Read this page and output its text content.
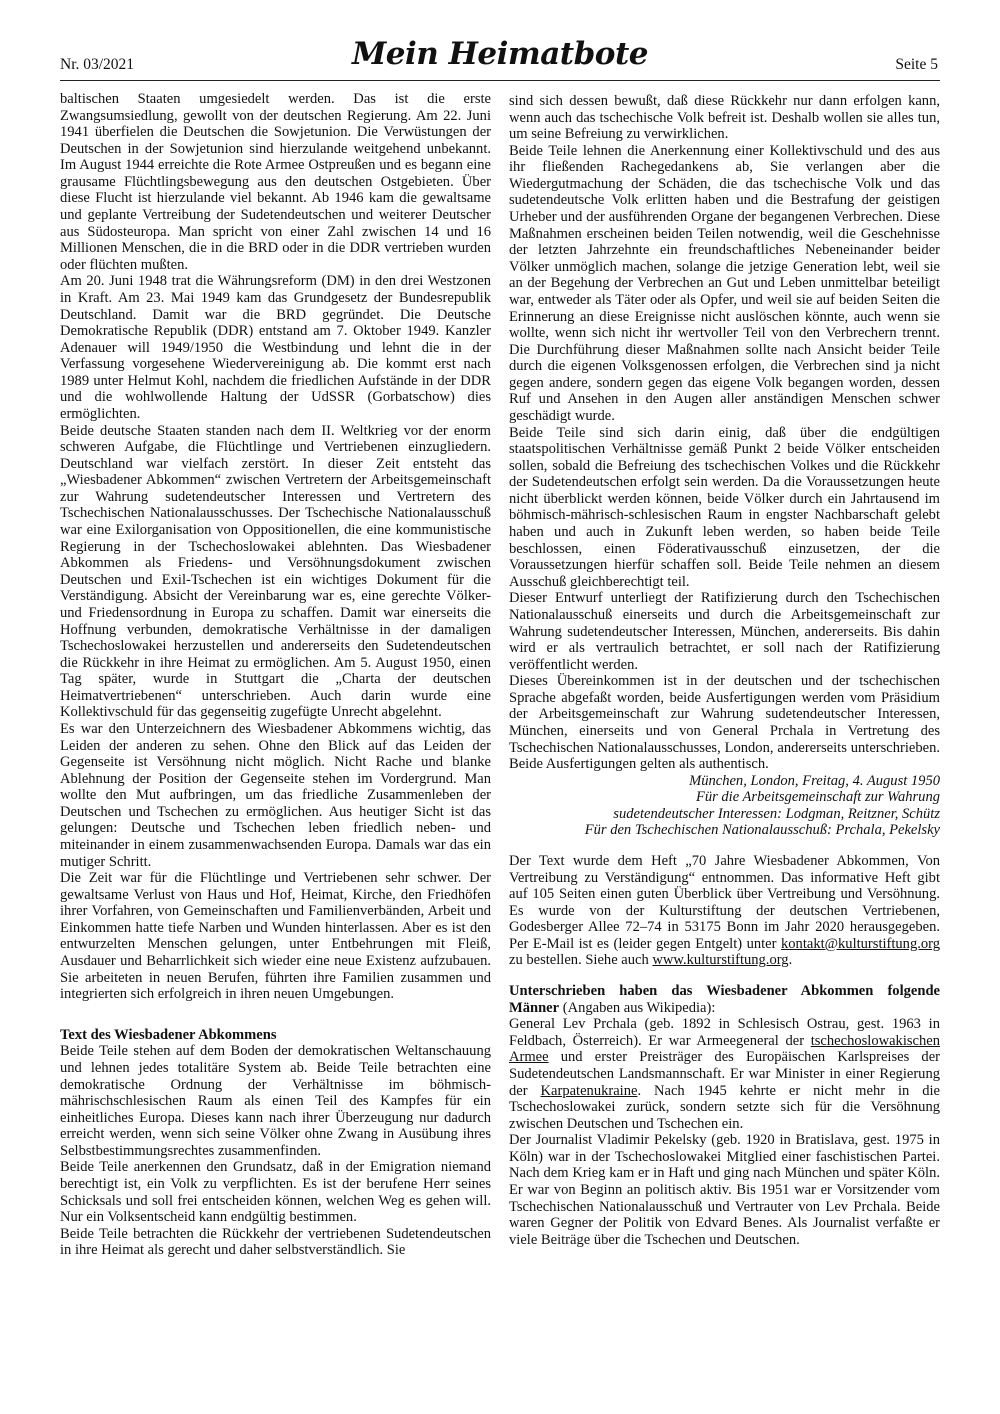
Nr. 03/2021	Mein Heimatbote	Seite 5

baltischen Staaten umgesiedelt werden. Das ist die erste Zwangsumsiedlung, gewollt von der deutschen Regierung. Am 22. Juni 1941 überfielen die Deutschen die Sowjetunion. Die Verwüstungen der Deutschen in der Sowjetunion sind hierzulande weitgehend unbekannt. Im August 1944 erreichte die Rote Armee Ostpreußen und es begann eine grausame Flüchtlingsbewegung aus den deutschen Ostgebieten. Über diese Flucht ist hierzulande viel bekannt. Ab 1946 kam die gewaltsame und geplante Vertreibung der Sudetendeutschen und weiterer Deutscher aus Südosteuropa. Man spricht von einer Zahl zwischen 14 und 16 Millionen Menschen, die in die BRD oder in die DDR vertrieben wurden oder flüchten mußten.

Am 20. Juni 1948 trat die Währungsreform (DM) in den drei Westzonen in Kraft. Am 23. Mai 1949 kam das Grundgesetz der Bundesrepublik Deutschland. Damit war die BRD gegründet. Die Deutsche Demokratische Republik (DDR) entstand am 7. Oktober 1949. Kanzler Adenauer will 1949/1950 die Westbindung und lehnt die in der Verfassung vorgesehene Wiedervereinigung ab. Die kommt erst nach 1989 unter Helmut Kohl, nachdem die friedlichen Aufstände in der DDR und die wohlwollende Haltung der UdSSR (Gorbatschow) dies ermöglichten.

Beide deutsche Staaten standen nach dem II. Weltkrieg vor der enorm schweren Aufgabe, die Flüchtlinge und Vertriebenen einzugliedern. Deutschland war vielfach zerstört. In dieser Zeit entsteht das „Wiesbadener Abkommen“ zwischen Vertretern der Arbeitsgemeinschaft zur Wahrung sudetendeutscher Interessen und Vertretern des Tschechischen Nationalausschusses. Der Tschechische Nationalausschuß war eine Exilorganisation von Oppositionellen, die eine kommunistische Regierung in der Tschechoslowakei ablehnten. Das Wiesbadener Abkommen als Friedens- und Versöhnungsdokument zwischen Deutschen und Exil-Tschechen ist ein wichtiges Dokument für die Verständigung. Absicht der Vereinbarung war es, eine gerechte Völker- und Friedensordnung in Europa zu schaffen. Damit war einerseits die Hoffnung verbunden, demokratische Verhältnisse in der damaligen Tschechoslowakei herzustellen und andererseits den Sudetendeutschen die Rückkehr in ihre Heimat zu ermöglichen. Am 5. August 1950, einen Tag später, wurde in Stuttgart die „Charta der deutschen Heimatvertriebenen“ unterschrieben. Auch darin wurde eine Kollektivschuld für das gegenseitig zugefügte Unrecht abgelehnt.

Es war den Unterzeichnern des Wiesbadener Abkommens wichtig, das Leiden der anderen zu sehen. Ohne den Blick auf das Leiden der Gegenseite ist Versöhnung nicht möglich. Nicht Rache und blanke Ablehnung der Position der Gegenseite stehen im Vordergrund. Man wollte den Mut aufbringen, um das friedliche Zusammenleben der Deutschen und Tschechen zu ermöglichen. Aus heutiger Sicht ist das gelungen: Deutsche und Tschechen leben friedlich neben- und miteinander in einem zusammenwachsenden Europa. Damals war das ein mutiger Schritt.

Die Zeit war für die Flüchtlinge und Vertriebenen sehr schwer. Der gewaltsame Verlust von Haus und Hof, Heimat, Kirche, den Friedhöfen ihrer Vorfahren, von Gemeinschaften und Familienverbänden, Arbeit und Einkommen hatte tiefe Narben und Wunden hinterlassen. Aber es ist den entwurzelten Menschen gelungen, unter Entbehrungen mit Fleiß, Ausdauer und Beharrlichkeit sich wieder eine neue Existenz aufzubauen. Sie arbeiteten in neuen Berufen, führten ihre Familien zusammen und integrierten sich erfolgreich in ihren neuen Umgebungen.

Text des Wiesbadener Abkommens

Beide Teile stehen auf dem Boden der demokratischen Weltanschauung und lehnen jedes totalitäre System ab. Beide Teile betrachten eine demokratische Ordnung der Verhältnisse im böhmisch-mährischschlesischen Raum als einen Teil des Kampfes für ein einheitliches Europa. Dieses kann nach ihrer Überzeugung nur dadurch erreicht werden, wenn sich seine Völker ohne Zwang in Ausübung ihres Selbstbestimmungsrechtes zusammenfinden.

Beide Teile anerkennen den Grundsatz, daß in der Emigration niemand berechtigt ist, ein Volk zu verpflichten. Es ist der berufene Herr seines Schicksals und soll frei entscheiden können, welchen Weg es gehen will. Nur ein Volksentscheid kann endgültig bestimmen.

Beide Teile betrachten die Rückkehr der vertriebenen Sudetendeutschen in ihre Heimat als gerecht und daher selbstverständlich. Sie

sind sich dessen bewußt, daß diese Rückkehr nur dann erfolgen kann, wenn auch das tschechische Volk befreit ist. Deshalb wollen sie alles tun, um seine Befreiung zu verwirklichen.

Beide Teile lehnen die Anerkennung einer Kollektivschuld und des aus ihr fließenden Rachegedankens ab, Sie verlangen aber die Wiedergutmachung der Schäden, die das tschechische Volk und das sudetendeutsche Volk erlitten haben und die Bestrafung der geistigen Urheber und der ausführenden Organe der begangenen Verbrechen. Diese Maßnahmen erscheinen beiden Teilen notwendig, weil die Geschehnisse der letzten Jahrzehnte ein freundschaftliches Nebeneinander beider Völker unmöglich machen, solange die jetzige Generation lebt, weil sie an der Begehung der Verbrechen an Gut und Leben unmittelbar beteiligt war, entweder als Täter oder als Opfer, und weil sie auf beiden Seiten die Erinnerung an diese Ereignisse nicht auslöschen könnte, auch wenn sie wollte, wenn sich nicht ihr wertvoller Teil von den Verbrechern trennt. Die Durchführung dieser Maßnahmen sollte nach Ansicht beider Teile durch die eigenen Volksgenossen erfolgen, die Verbrechen sind ja nicht gegen andere, sondern gegen das eigene Volk begangen worden, dessen Ruf und Ansehen in den Augen aller anständigen Menschen schwer geschädigt wurde.

Beide Teile sind sich darin einig, daß über die endgültigen staatspolitischen Verhältnisse gemäß Punkt 2 beide Völker entscheiden sollen, sobald die Befreiung des tschechischen Volkes und die Rückkehr der Sudetendeutschen erfolgt sein werden. Da die Voraussetzungen heute nicht überblickt werden können, beide Völker durch ein Jahrtausend im böhmisch-mährisch-schlesischen Raum in engster Nachbarschaft gelebt haben und auch in Zukunft leben werden, so haben beide Teile beschlossen, einen Föderativausschuß einzusetzen, der die Voraussetzungen hierfür schaffen soll. Beide Teile nehmen an diesem Ausschuß gleichberechtigt teil.

Dieser Entwurf unterliegt der Ratifizierung durch den Tschechischen Nationalausschuß einerseits und durch die Arbeitsgemeinschaft zur Wahrung sudetendeutscher Interessen, München, andererseits. Bis dahin wird er als vertraulich betrachtet, er soll nach der Ratifizierung veröffentlicht werden.

Dieses Übereinkommen ist in der deutschen und der tschechischen Sprache abgefaßt worden, beide Ausfertigungen werden vom Präsidium der Arbeitsgemeinschaft zur Wahrung sudetendeutscher Interessen, München, einerseits und von General Prchala in Vertretung des Tschechischen Nationalausschusses, London, andererseits unterschrieben. Beide Ausfertigungen gelten als authentisch.

München, London, Freitag, 4. August 1950
Für die Arbeitsgemeinschaft zur Wahrung
sudetendeutscher Interessen: Lodgman, Reitzner, Schütz
Für den Tschechischen Nationalausschuß: Prchala, Pekelsky

Der Text wurde dem Heft „70 Jahre Wiesbadener Abkommen, Von Vertreibung zu Verständigung“ entnommen. Das informative Heft gibt auf 105 Seiten einen guten Überblick über Vertreibung und Versöhnung. Es wurde von der Kulturstiftung der deutschen Vertriebenen, Godesberger Allee 72–74 in 53175 Bonn im Jahr 2020 herausgegeben. Per E-Mail ist es (leider gegen Entgelt) unter kontakt@kulturstiftung.org zu bestellen. Siehe auch www.kulturstiftung.org.

Unterschrieben haben das Wiesbadener Abkommen folgende Männer (Angaben aus Wikipedia):

General Lev Prchala (geb. 1892 in Schlesisch Ostrau, gest. 1963 in Feldbach, Österreich). Er war Armeegeneral der tschechoslowakischen Armee und erster Preisträger des Europäischen Karlspreises der Sudetendeutschen Landsmannschaft. Er war Minister in einer Regierung der Karpatenukraine. Nach 1945 kehrte er nicht mehr in die Tschechoslowakei zurück, sondern setzte sich für die Versöhnung zwischen Deutschen und Tschechen ein.

Der Journalist Vladimir Pekelsky (geb. 1920 in Bratislava, gest. 1975 in Köln) war in der Tschechoslowakei Mitglied einer faschistischen Partei. Nach dem Krieg kam er in Haft und ging nach München und später Köln. Er war von Beginn an politisch aktiv. Bis 1951 war er Vorsitzender vom Tschechischen Nationalausschuß und Vertrauter von Lev Prchala. Beide waren Gegner der Politik von Edvard Benes. Als Journalist verfaßte er viele Beiträge über die Tschechen und Deutschen.
